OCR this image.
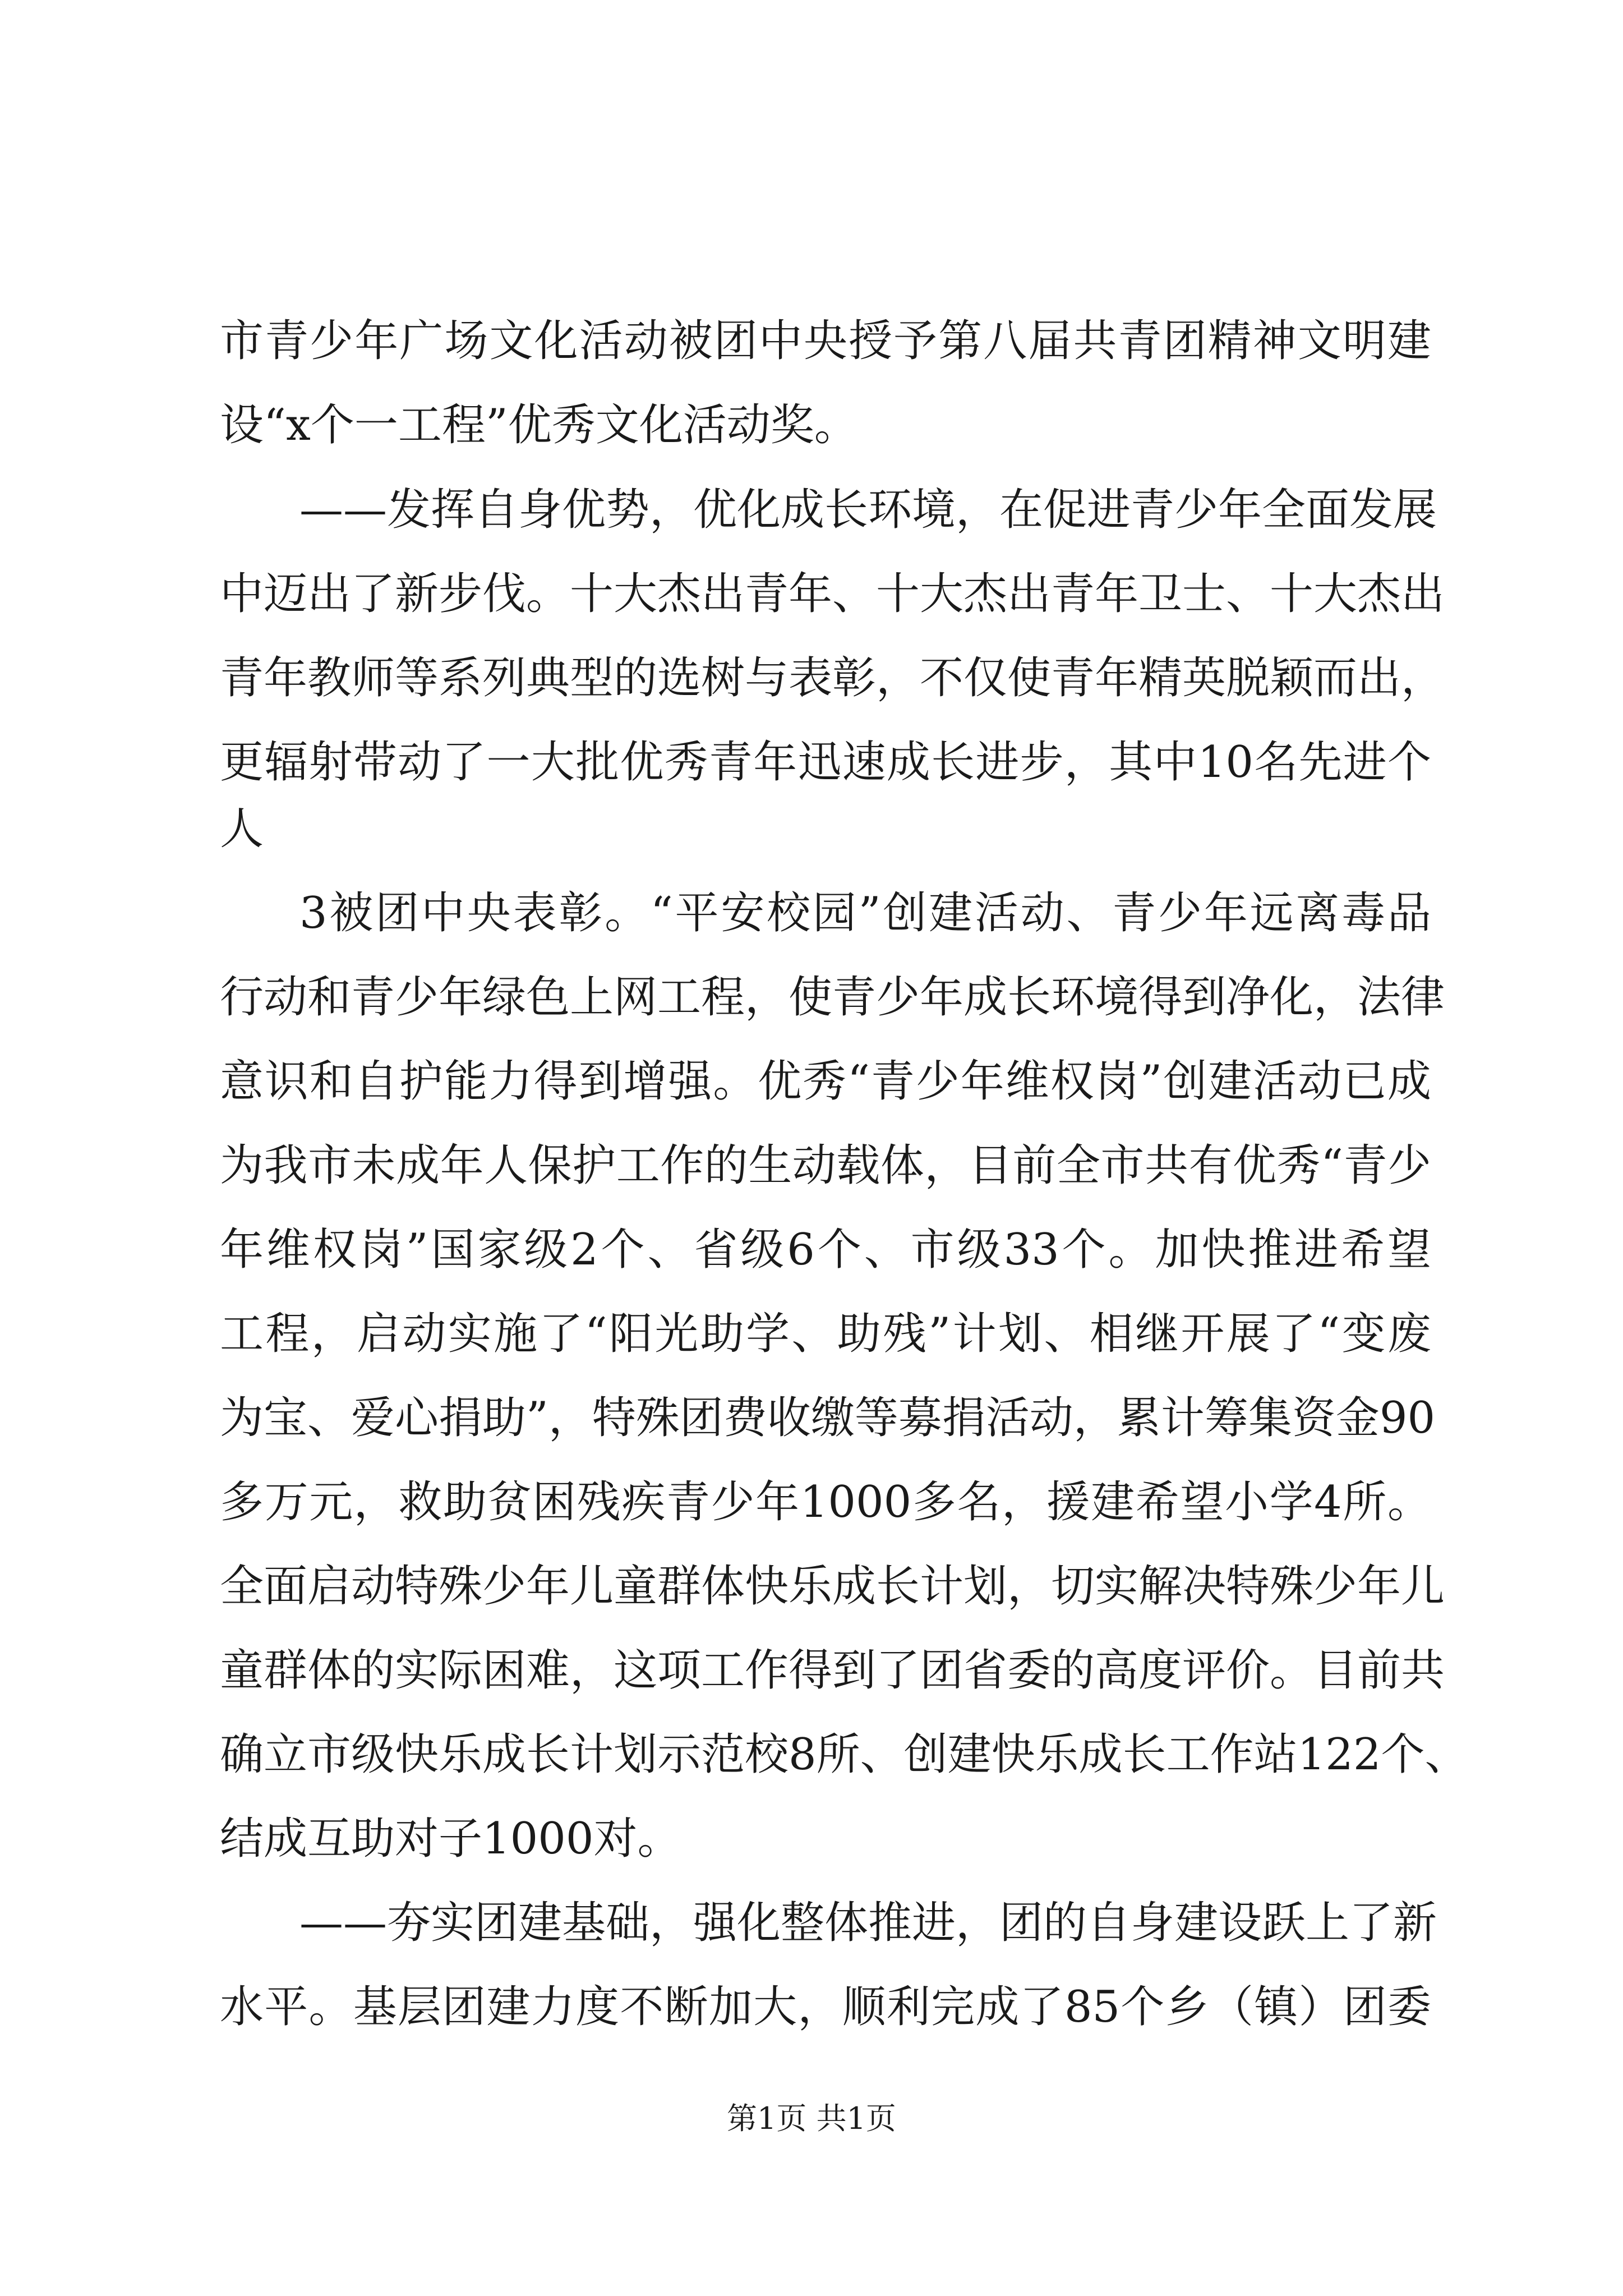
市青少年广场文化活动被团中央授予第八届共青团精神文明建
设“x个一工程”优秀文化活动奖。
——发挥自身优势，优化成长环境，在促进青少年全面发展
中迈出了新步伐。十大杰出青年、十大杰出青年卫士、十大杰出
青年教师等系列典型的选树与表彰，不仅使青年精英脱颖而出，
更辐射带动了一大批优秀青年迅速成长进步，其中10名先进个
人
3被团中央表彰。“平安校园”创建活动、青少年远离毒品
行动和青少年绿色上网工程，使青少年成长环境得到净化，法律
意识和自护能力得到增强。优秀“青少年维权岗”创建活动已成
为我市未成年人保护工作的生动载体，目前全市共有优秀“青少
年维权岗”国家级2个、省级6个、市级33个。加快推进希望
工程，启动实施了“阳光助学、助残”计划、相继开展了“变废
为宝、爱心捐助”，特殊团费收缴等募捐活动，累计筹集资金90
多万元，救助贫困残疾青少年1000多名，援建希望小学4所。
全面启动特殊少年儿童群体快乐成长计划，切实解决特殊少年儿
童群体的实际困难，这项工作得到了团省委的高度评价。目前共
确立市级快乐成长计划示范校8所、创建快乐成长工作站122个、
结成互助对子1000对。
——夯实团建基础，强化整体推进，团的自身建设跃上了新
水平。基层团建力度不断加大，顺利完成了85个乡（镇）团委
第1页 共1页
